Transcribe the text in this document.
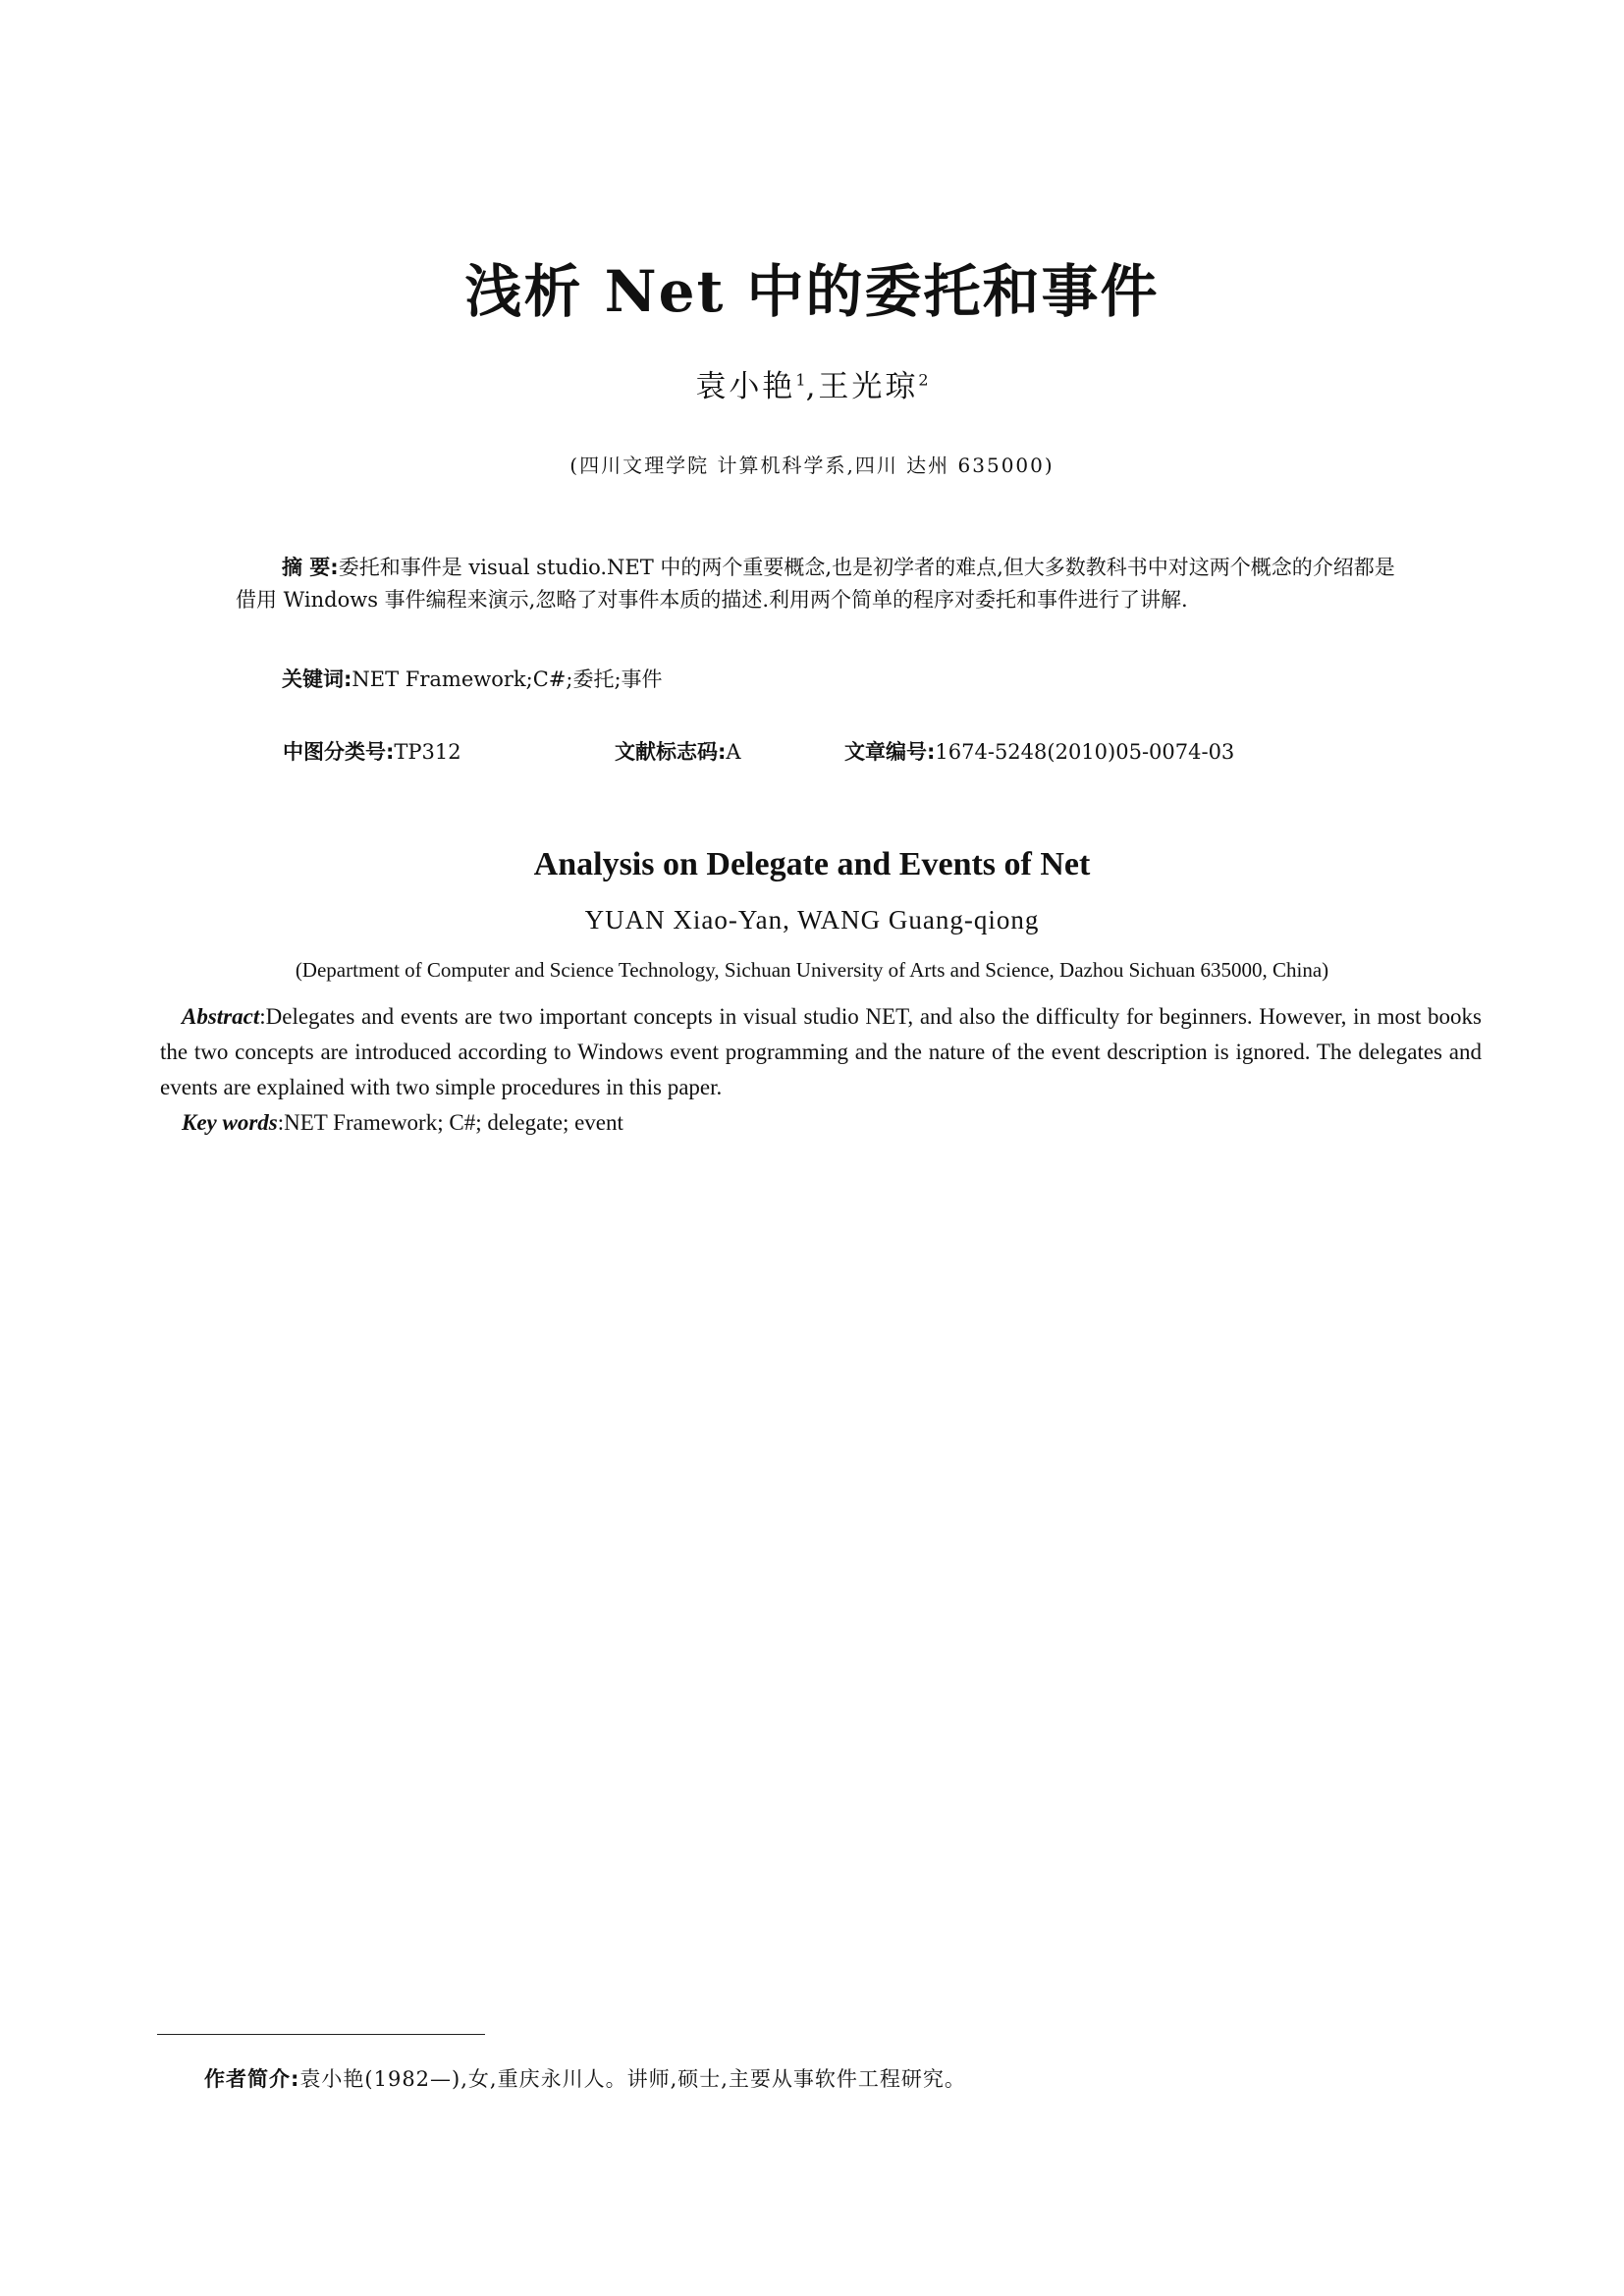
浅析 Net 中的委托和事件
袁小艳$^1$,王光琼$^2$
(四川文理学院 计算机科学系,四川 达州 635000)
摘 要:委托和事件是 visual studio.NET 中的两个重要概念,也是初学者的难点,但大多数教科书中对这两个概念的介绍都是借用 Windows 事件编程来演示,忽略了对事件本质的描述.利用两个简单的程序对委托和事件进行了讲解.
关键词:NET Framework;C#;委托;事件
中图分类号:TP312	文献标志码:A	文章编号:1674-5248(2010)05-0074-03
Analysis on Delegate and Events of Net
YUAN Xiao-Yan, WANG Guang-qiong
(Department of Computer and Science Technology, Sichuan University of Arts and Science, Dazhou Sichuan 635000, China)
Abstract:Delegates and events are two important concepts in visual studio NET, and also the difficulty for beginners. However, in most books the two concepts are introduced according to Windows event programming and the nature of the event description is ignored. The delegates and events are explained with two simple procedures in this paper.
Key words:NET Framework; C#; delegate; event
作者简介:袁小艳(1982—),女,重庆永川人。讲师,硕士,主要从事软件工程研究。
